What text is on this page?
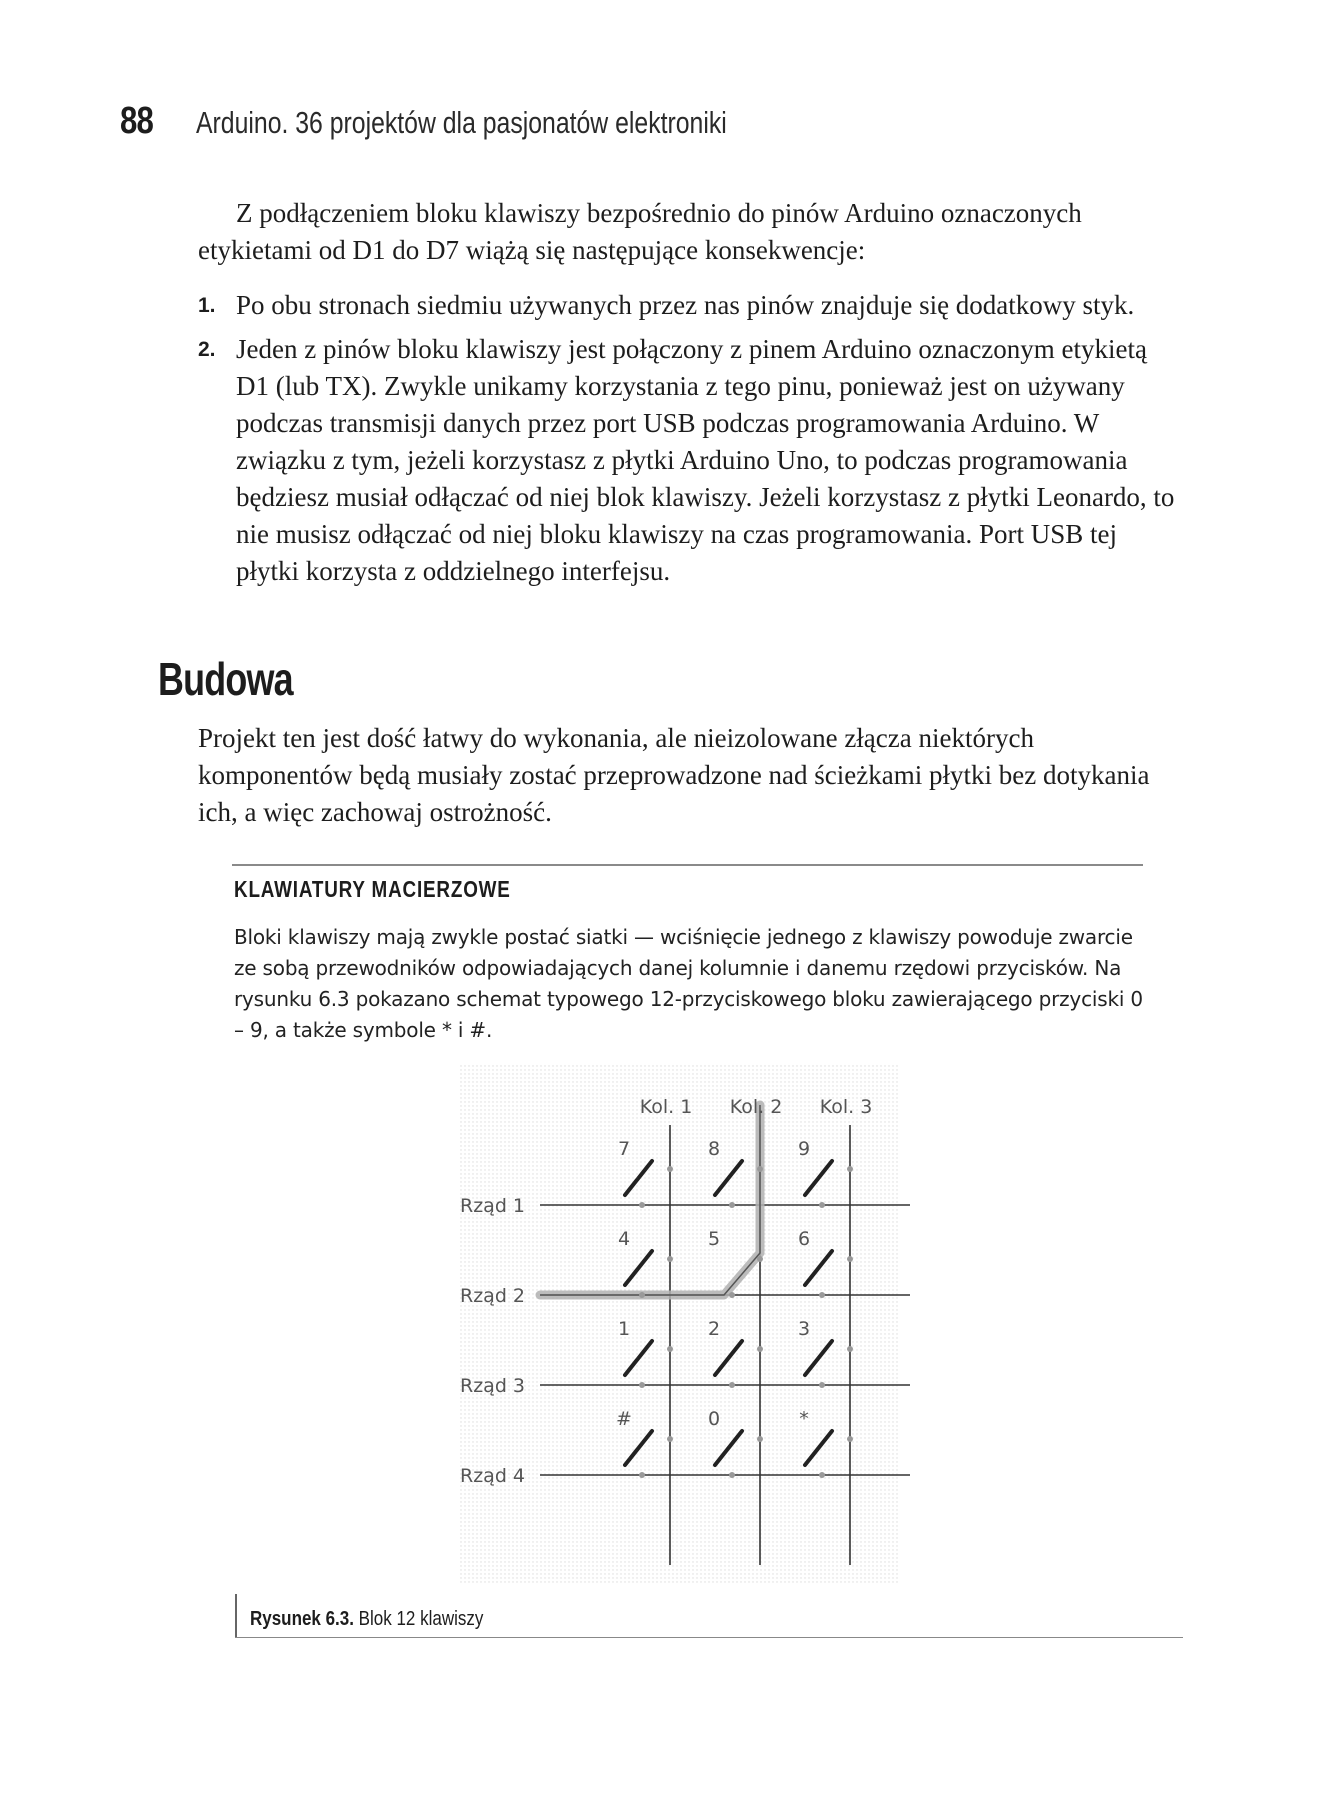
88	Arduino. 36 projektów dla pasjonatów elektroniki

Z podłączeniem bloku klawiszy bezpośrednio do pinów Arduino oznaczonych etykietami od D1 do D7 wiążą się następujące konsekwencje:

1. Po obu stronach siedmiu używanych przez nas pinów znajduje się dodatkowy styk.
2. Jeden z pinów bloku klawiszy jest połączony z pinem Arduino oznaczonym etykietą D1 (lub TX). Zwykle unikamy korzystania z tego pinu, ponieważ jest on używany podczas transmisji danych przez port USB podczas programowania Arduino. W związku z tym, jeżeli korzystasz z płytki Arduino Uno, to podczas programowania będziesz musiał odłączać od niej blok klawiszy. Jeżeli korzystasz z płytki Leonardo, to nie musisz odłączać od niej bloku klawiszy na czas programowania. Port USB tej płytki korzysta z oddzielnego interfejsu.
Budowa

Projekt ten jest dość łatwy do wykonania, ale nieizolowane złącza niektórych komponentów będą musiały zostać przeprowadzone nad ścieżkami płytki bez dotykania ich, a więc zachowaj ostrożność.

KLAWIATURY MACIERZOWE

Bloki klawiszy mają zwykle postać siatki — wciśnięcie jednego z klawiszy powoduje zwarcie ze sobą przewodników odpowiadających danej kolumnie i danemu rzędowi przycisków. Na rysunku 6.3 pokazano schemat typowego 12-przyciskowego bloku zawierającego przyciski 0 – 9, a także symbole * i #.

Kol. 1 Kol. 2 Kol. 3
Rząd 1
Rząd 2
Rząd 3
Rząd 4
7	8	9
4	5	6
1	2	3
#	0	*
Rysunek 6.3. Blok 12 klawiszy
